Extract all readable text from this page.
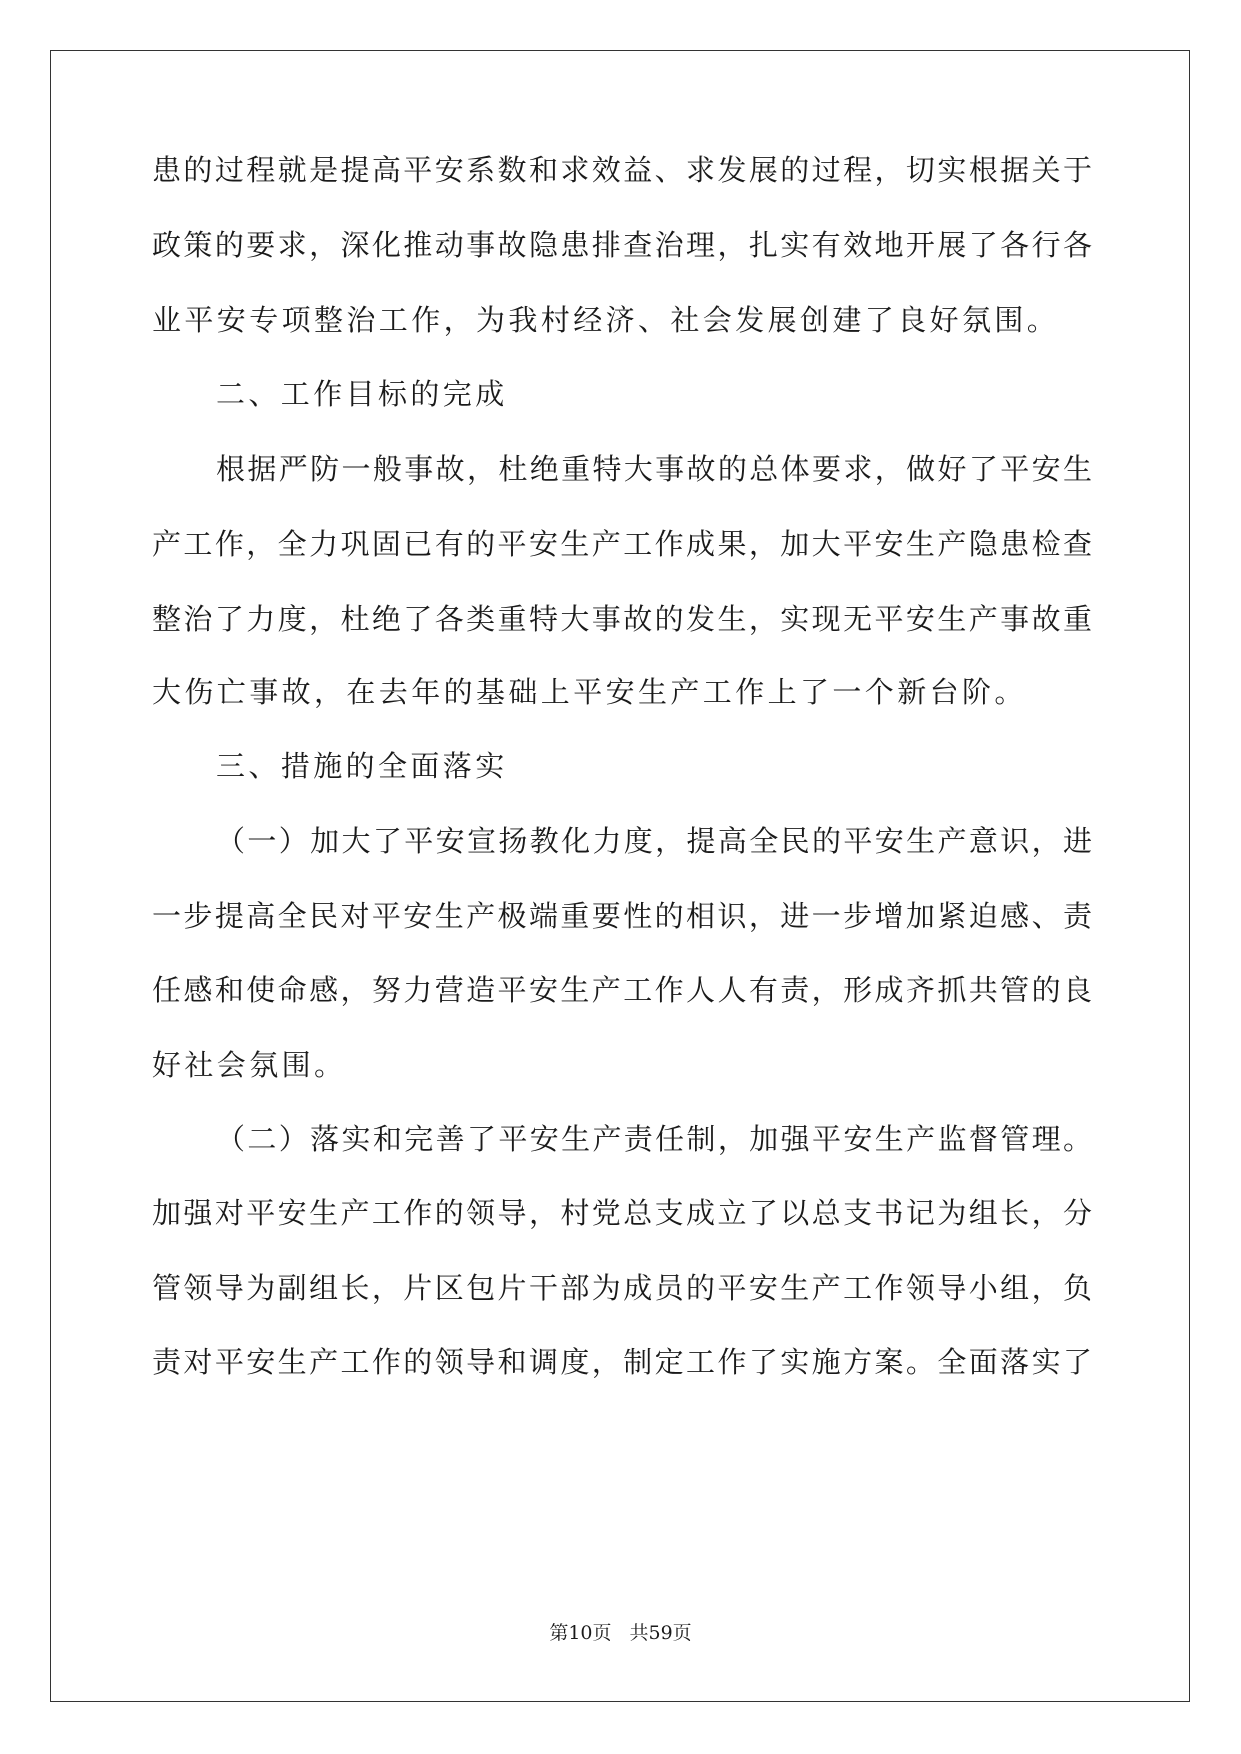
患的过程就是提高平安系数和求效益、求发展的过程，切实根据关于
政策的要求，深化推动事故隐患排查治理，扎实有效地开展了各行各
业平安专项整治工作，为我村经济、社会发展创建了良好氛围。
二、工作目标的完成
根据严防一般事故，杜绝重特大事故的总体要求，做好了平安生
产工作，全力巩固已有的平安生产工作成果，加大平安生产隐患检查
整治了力度，杜绝了各类重特大事故的发生，实现无平安生产事故重
大伤亡事故，在去年的基础上平安生产工作上了一个新台阶。
三、措施的全面落实
（一）加大了平安宣扬教化力度，提高全民的平安生产意识，进
一步提高全民对平安生产极端重要性的相识，进一步增加紧迫感、责
任感和使命感，努力营造平安生产工作人人有责，形成齐抓共管的良
好社会氛围。
（二）落实和完善了平安生产责任制，加强平安生产监督管理。
加强对平安生产工作的领导，村党总支成立了以总支书记为组长，分
管领导为副组长，片区包片干部为成员的平安生产工作领导小组，负
责对平安生产工作的领导和调度，制定工作了实施方案。全面落实了
第10页 共59页
